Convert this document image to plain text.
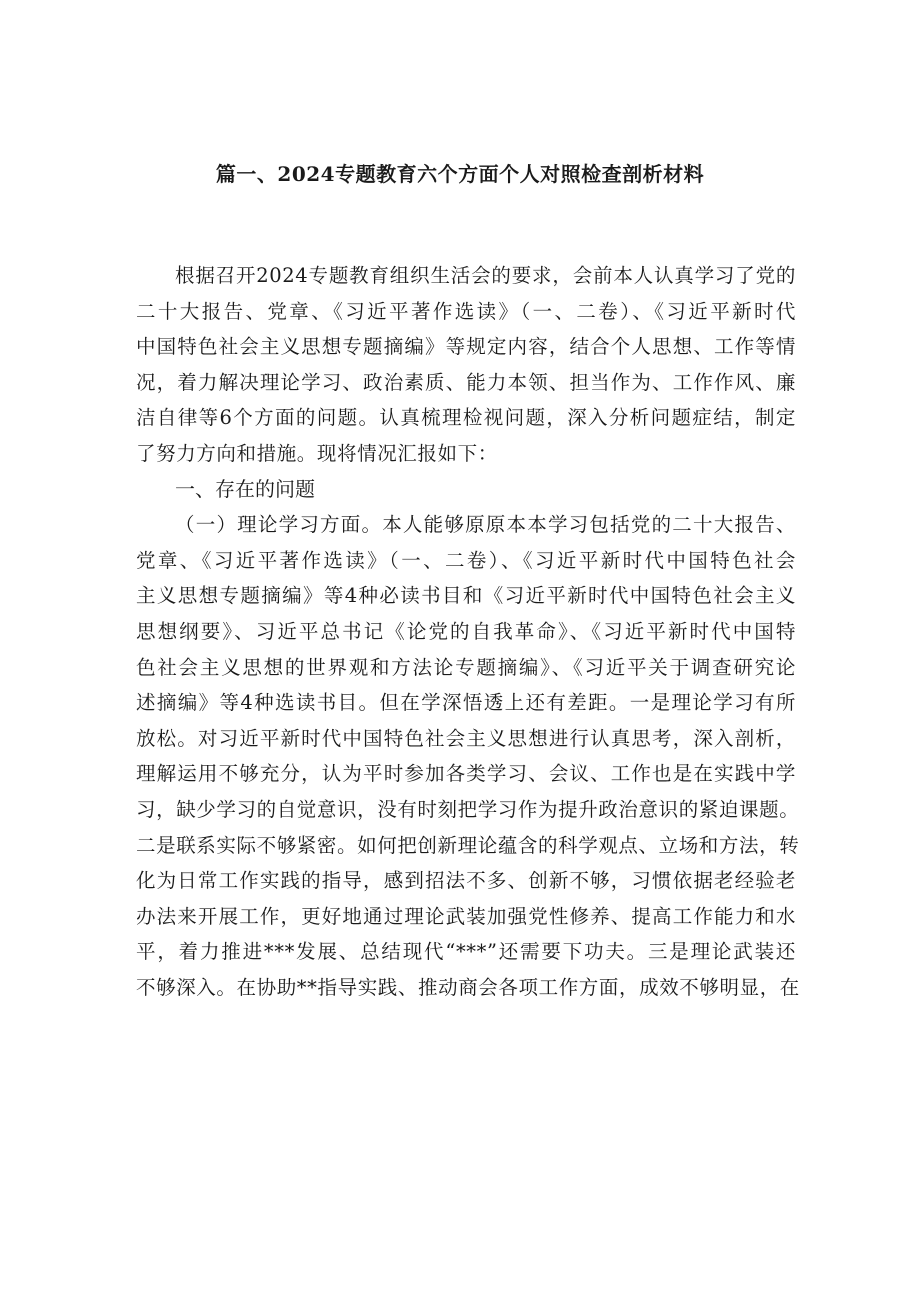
篇一、2024专题教育六个方面个人对照检查剖析材料
根据召开2024专题教育组织生活会的要求，会前本人认真学习了党的
二十大报告、党章、《习近平著作选读》（一、二卷）、《习近平新时代
中国特色社会主义思想专题摘编》等规定内容，结合个人思想、工作等情
况，着力解决理论学习、政治素质、能力本领、担当作为、工作作风、廉
洁自律等6个方面的问题。认真梳理检视问题，深入分析问题症结，制定
了努力方向和措施。现将情况汇报如下：
一、存在的问题
（一）理论学习方面。本人能够原原本本学习包括党的二十大报告、
党章、《习近平著作选读》（一、二卷）、《习近平新时代中国特色社会
主义思想专题摘编》等4种必读书目和《习近平新时代中国特色社会主义
思想纲要》、习近平总书记《论党的自我革命》、《习近平新时代中国特
色社会主义思想的世界观和方法论专题摘编》、《习近平关于调查研究论
述摘编》等4种选读书目。但在学深悟透上还有差距。一是理论学习有所
放松。对习近平新时代中国特色社会主义思想进行认真思考，深入剖析，
理解运用不够充分，认为平时参加各类学习、会议、工作也是在实践中学
习，缺少学习的自觉意识，没有时刻把学习作为提升政治意识的紧迫课题。
二是联系实际不够紧密。如何把创新理论蕴含的科学观点、立场和方法，转
化为日常工作实践的指导，感到招法不多、创新不够，习惯依据老经验老
办法来开展工作，更好地通过理论武装加强党性修养、提高工作能力和水
平，着力推进***发展、总结现代“***”还需要下功夫。三是理论武装还
不够深入。在协助**指导实践、推动商会各项工作方面，成效不够明显，在
